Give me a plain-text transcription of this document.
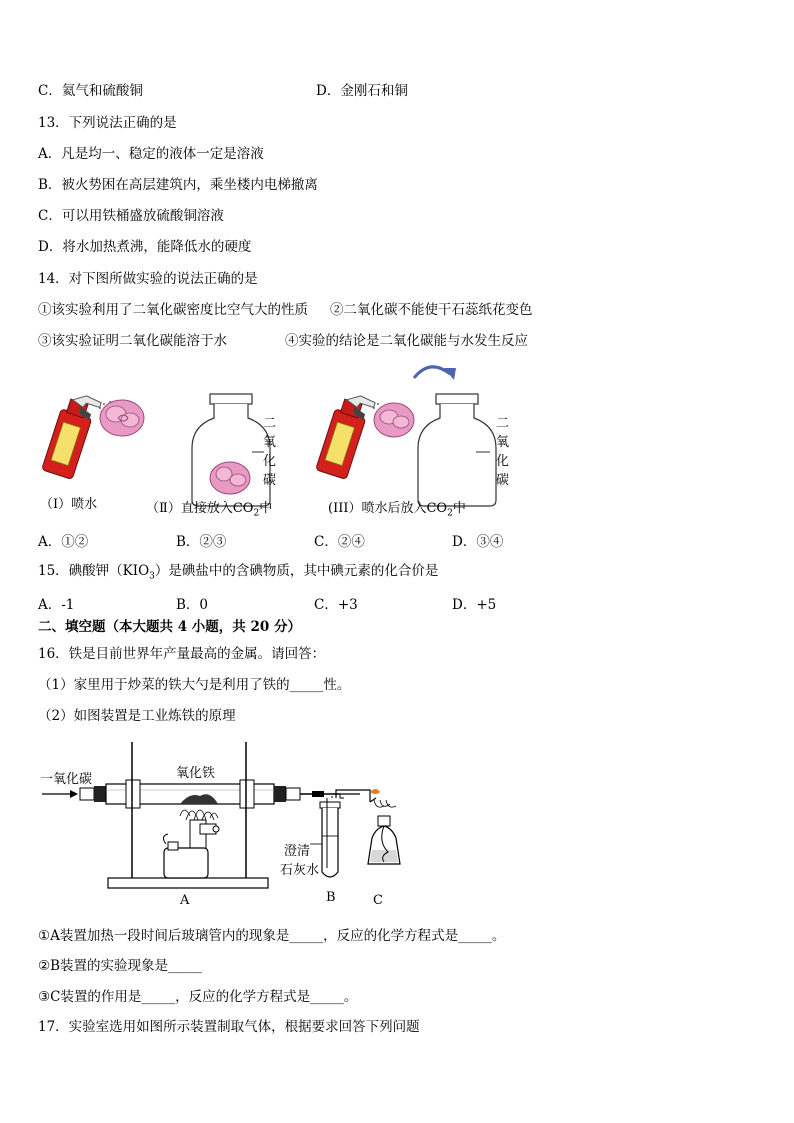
C．氦气和硫酸铜	D．金刚石和铜
13．下列说法正确的是
A．凡是均一、稳定的液体一定是溶液
B．被火势困在高层建筑内，乘坐楼内电梯撤离
C．可以用铁桶盛放硫酸铜溶液
D．将水加热煮沸，能降低水的硬度
14．对下图所做实验的说法正确的是
①该实验利用了二氧化碳密度比空气大的性质 ②二氧化碳不能使干石蕊纸花变色
③该实验证明二氧化碳能溶于水	④实验的结论是二氧化碳能与水发生反应
二
氧
化
碳
二
氧
化
碳
（I）喷水	（Ⅱ）直接放入$CO_2$中	(III）喷水后放入$CO_2$中
A．①②	B．②③	C．②④	D．③④
15．碘酸钾$(KIO_3)$是碘盐中的含碘物质，其中碘元素的化合价是
A．-1	B．0	C．+3	D．+5
二、填空题（本大题共 4 小题，共 20 分）
16．铁是目前世界年产量最高的金属。请回答：
（1）家里用于炒菜的铁大勺是利用了铁的_____性。
（2）如图装置是工业炼铁的原理
一氧化碳	氧化铁
澄清
石灰水
A	B	C
①A装置加热一段时间后玻璃管内的现象是_____，反应的化学方程式是_____。
②B装置的实验现象是_____
③C装置的作用是_____，反应的化学方程式是_____。
17．实验室选用如图所示装置制取气体，根据要求回答下列问题
